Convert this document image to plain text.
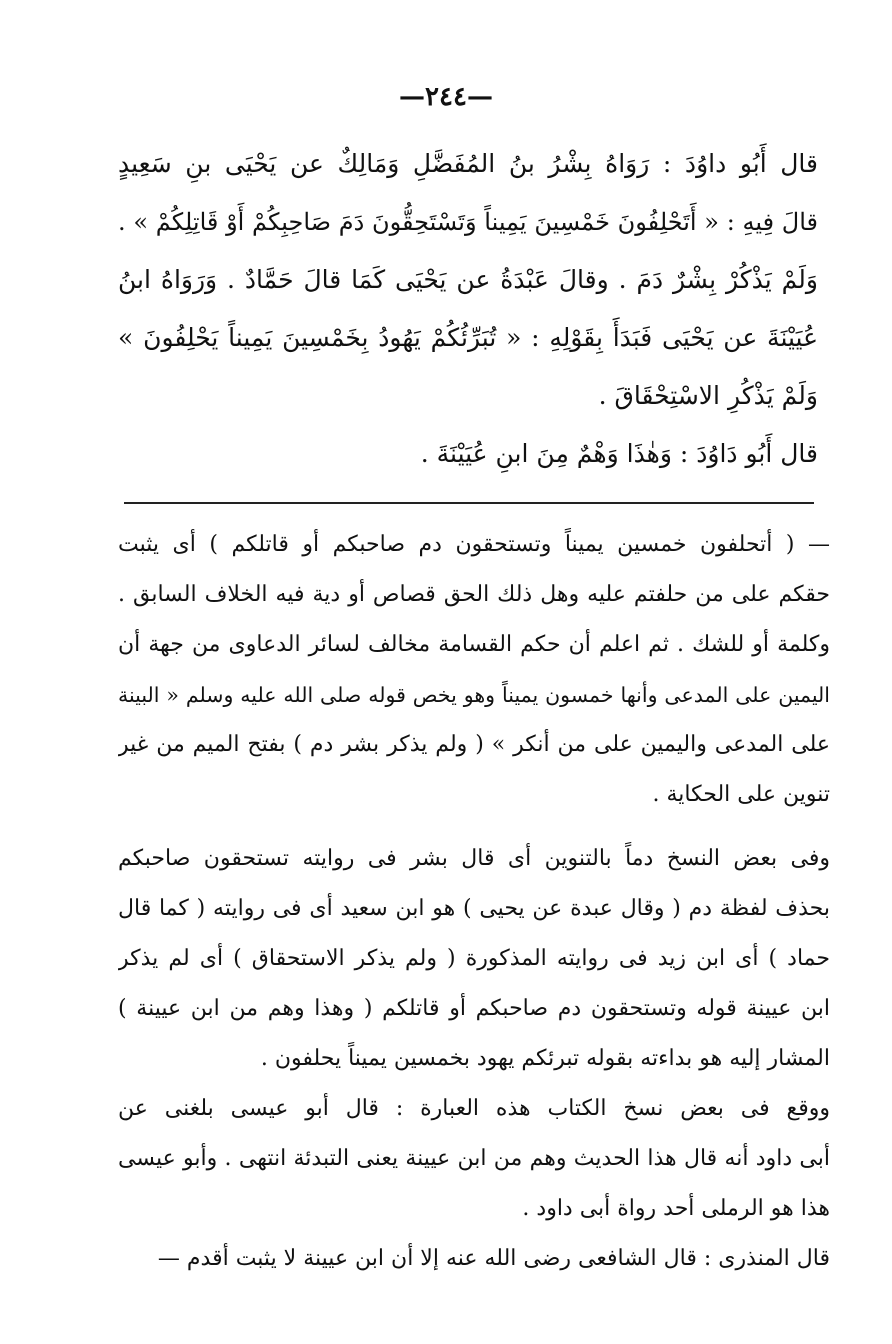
—٢٤٤—
قال أَبُو داوُدَ : رَوَاهُ بِشْرُ بنُ المُفَضَّلِ وَمَالِكٌ عن يَحْيَى بنِ سَعِيدٍ
قالَ فِيهِ : « أَتَحْلِفُونَ خَمْسِينَ يَمِيناً وَتَسْتَحِقُّونَ دَمَ صَاحِبِكُمْ أَوْ قَاتِلِكُمْ » .
وَلَمْ يَذْكُرْ بِشْرٌ دَمَ . وقالَ عَبْدَةُ عن يَحْيَى كَمَا قالَ حَمَّادٌ . وَرَوَاهُ ابنُ
عُيَيْنَةَ عن يَحْيَى فَبَدَأَ بِقَوْلِهِ : « تُبَرِّئُكُمْ يَهُودُ بِخَمْسِينَ يَمِيناً يَحْلِفُونَ »
وَلَمْ يَذْكُرِ الاسْتِحْقَاقَ .
قال أَبُو دَاوُدَ : وَهٰذَا وَهْمٌ مِنَ ابنِ عُيَيْنَةَ .
— ( أتحلفون خمسين يميناً وتستحقون دم صاحبكم أو قاتلكم ) أى يثبت
حقكم على من حلفتم عليه وهل ذلك الحق قصاص أو دية فيه الخلاف السابق .
وكلمة أو للشك . ثم اعلم أن حكم القسامة مخالف لسائر الدعاوى من جهة أن
اليمين على المدعى وأنها خمسون يميناً وهو يخص قوله صلى الله عليه وسلم « البينة
على المدعى واليمين على من أنكر » ( ولم يذكر بشر دم ) بفتح الميم من غير
تنوين على الحكاية .
وفى بعض النسخ دماً بالتنوين أى قال بشر فى روايته تستحقون صاحبكم
بحذف لفظة دم ( وقال عبدة عن يحيى ) هو ابن سعيد أى فى روايته ( كما قال
حماد ) أى ابن زيد فى روايته المذكورة ( ولم يذكر الاستحقاق ) أى لم يذكر
ابن عيينة قوله وتستحقون دم صاحبكم أو قاتلكم ( وهذا وهم من ابن عيينة )
المشار إليه هو بداءته بقوله تبرئكم يهود بخمسين يميناً يحلفون .
ووقع فى بعض نسخ الكتاب هذه العبارة : قال أبو عيسى بلغنى عن
أبى داود أنه قال هذا الحديث وهم من ابن عيينة يعنى التبدئة انتهى . وأبو عيسى
هذا هو الرملى أحد رواة أبى داود .
قال المنذرى : قال الشافعى رضى الله عنه إلا أن ابن عيينة لا يثبت أقدم —
